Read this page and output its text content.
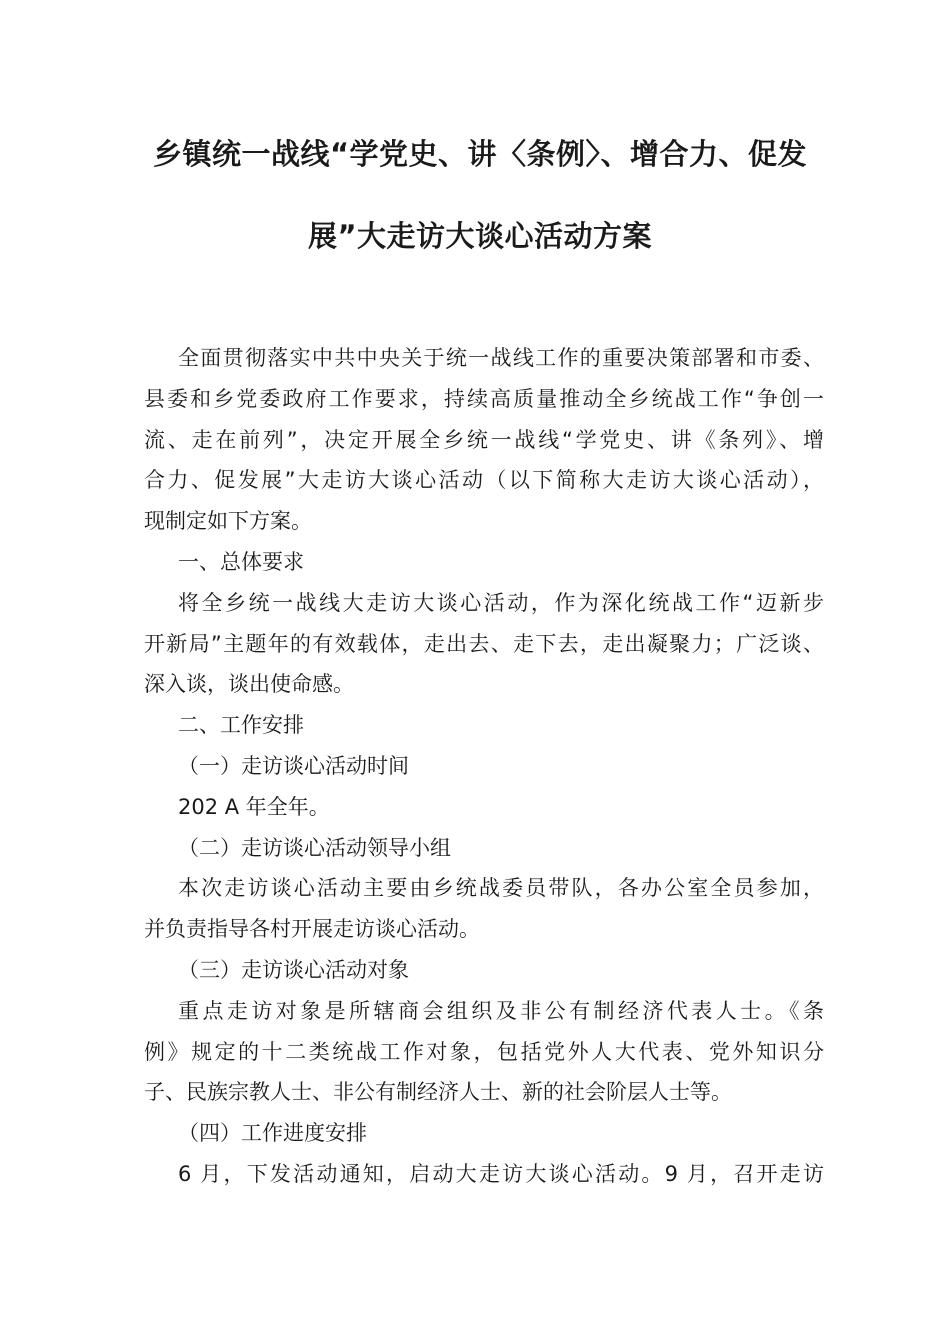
乡镇统一战线“学党史、讲〈条例〉、增合力、促发
展”大走访大谈心活动方案
全面贯彻落实中共中央关于统一战线工作的重要决策部署和市委、
县委和乡党委政府工作要求，持续高质量推动全乡统战工作“争创一
流、走在前列”，决定开展全乡统一战线“学党史、讲《条列》、增
合力、促发展”大走访大谈心活动（以下简称大走访大谈心活动），
现制定如下方案。
一、总体要求
将全乡统一战线大走访大谈心活动，作为深化统战工作“迈新步
开新局”主题年的有效载体，走出去、走下去，走出凝聚力；广泛谈、
深入谈，谈出使命感。
二、工作安排
（一）走访谈心活动时间
202 A 年全年。
（二）走访谈心活动领导小组
本次走访谈心活动主要由乡统战委员带队，各办公室全员参加，
并负责指导各村开展走访谈心活动。
（三）走访谈心活动对象
重点走访对象是所辖商会组织及非公有制经济代表人士。《条
例》规定的十二类统战工作对象，包括党外人大代表、党外知识分
子、民族宗教人士、非公有制经济人士、新的社会阶层人士等。
（四）工作进度安排
6 月，下发活动通知，启动大走访大谈心活动。9 月，召开走访
